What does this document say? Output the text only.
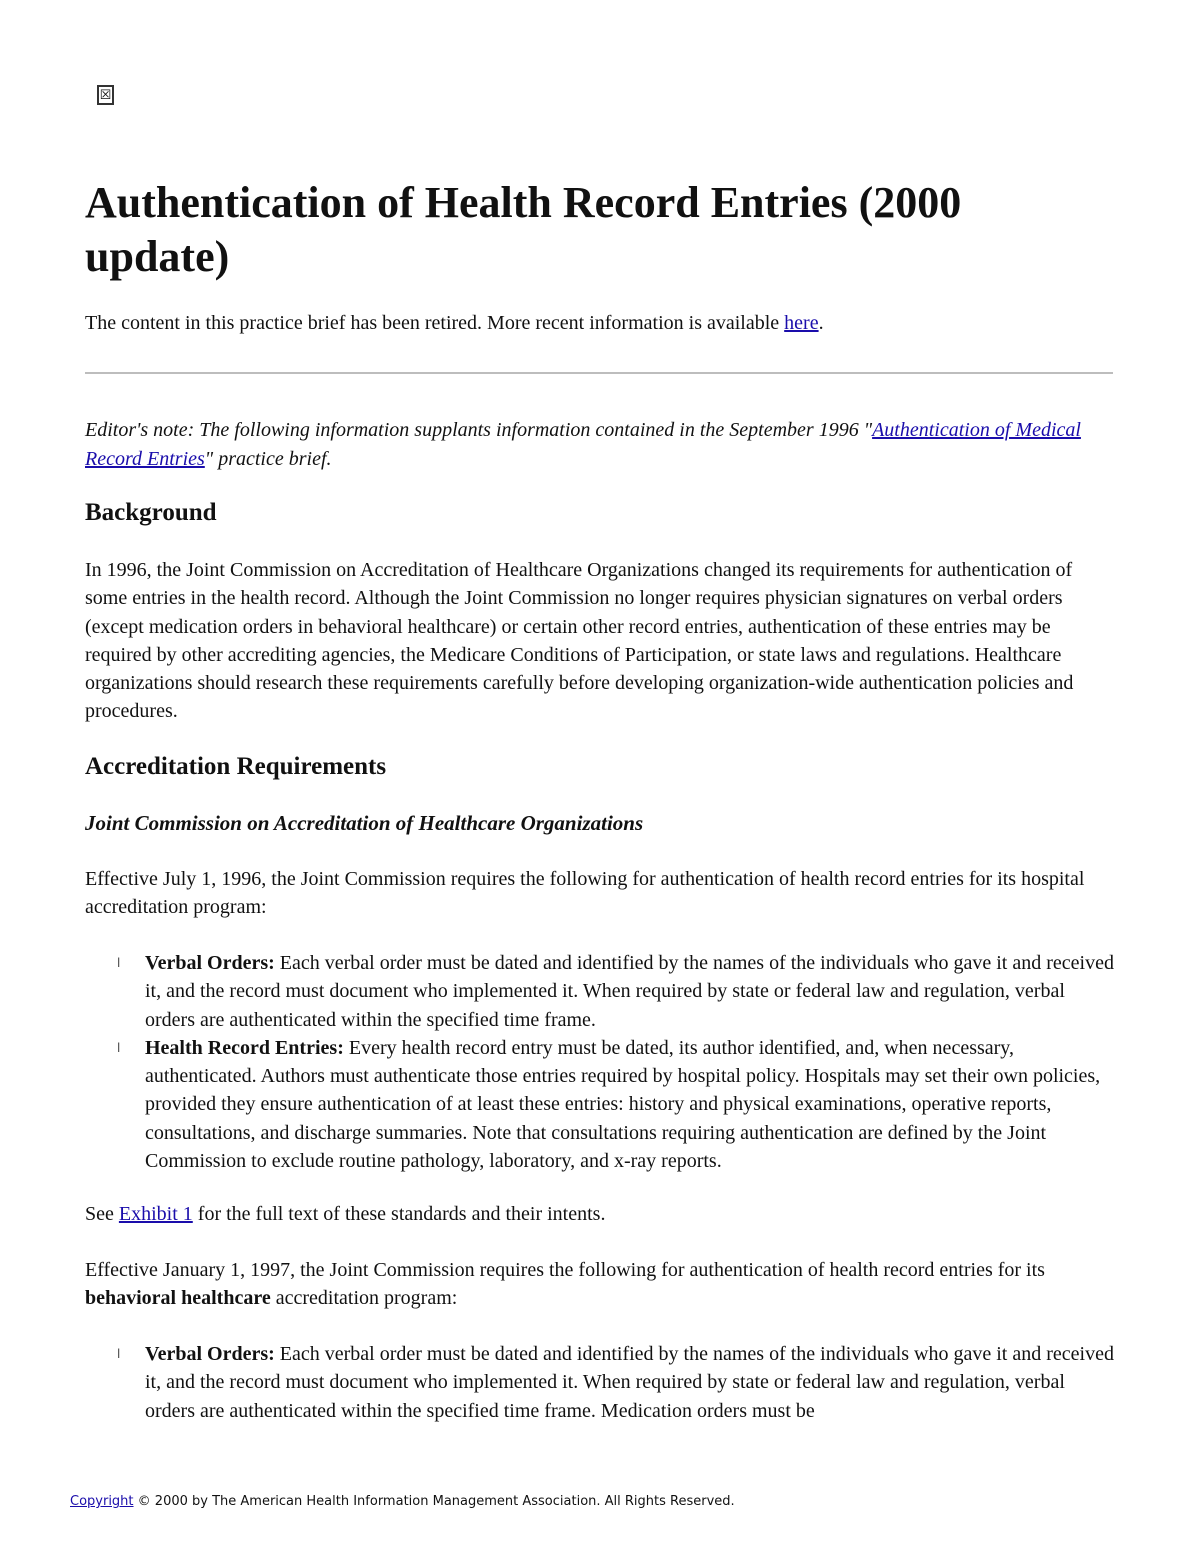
☒
Authentication of Health Record Entries (2000 update)

The content in this practice brief has been retired. More recent information is available here.

Editor's note: The following information supplants information contained in the September 1996 "Authentication of Medical Record Entries" practice brief.

Background

In 1996, the Joint Commission on Accreditation of Healthcare Organizations changed its requirements for authentication of some entries in the health record. Although the Joint Commission no longer requires physician signatures on verbal orders (except medication orders in behavioral healthcare) or certain other record entries, authentication of these entries may be required by other accrediting agencies, the Medicare Conditions of Participation, or state laws and regulations. Healthcare organizations should research these requirements carefully before developing organization-wide authentication policies and procedures.

Accreditation Requirements
Joint Commission on Accreditation of Healthcare Organizations

Effective July 1, 1996, the Joint Commission requires the following for authentication of health record entries for its hospital accreditation program:

l Verbal Orders: Each verbal order must be dated and identified by the names of the individuals who gave it and received it, and the record must document who implemented it. When required by state or federal law and regulation, verbal orders are authenticated within the specified time frame.
l Health Record Entries: Every health record entry must be dated, its author identified, and, when necessary, authenticated. Authors must authenticate those entries required by hospital policy. Hospitals may set their own policies, provided they ensure authentication of at least these entries: history and physical examinations, operative reports, consultations, and discharge summaries. Note that consultations requiring authentication are defined by the Joint Commission to exclude routine pathology, laboratory, and x-ray reports.

See Exhibit 1 for the full text of these standards and their intents.

Effective January 1, 1997, the Joint Commission requires the following for authentication of health record entries for its behavioral healthcare accreditation program:

l Verbal Orders: Each verbal order must be dated and identified by the names of the individuals who gave it and received it, and the record must document who implemented it. When required by state or federal law and regulation, verbal orders are authenticated within the specified time frame. Medication orders must be

Copyright © 2000 by The American Health Information Management Association. All Rights Reserved.
